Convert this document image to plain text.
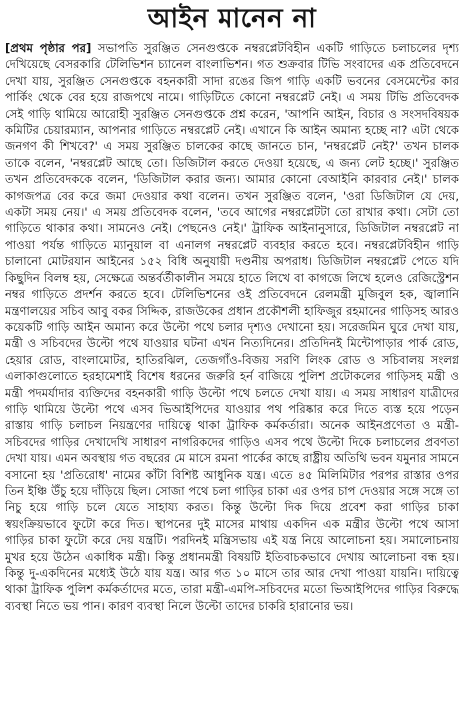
আইন মানেন না

[প্রথম পৃষ্ঠার পর] সভাপতি সুরঞ্জিত সেনগুপ্তকে নম্বরপ্লেটবিহীন একটি গাড়িতে চলাচলের দৃশ্য দেখিয়েছে বেসরকারি টেলিভিশন চ্যানেল বাংলাভিশন। গত শুক্রবার টিভি সংবাদের এক প্রতিবেদনে দেখা যায়, সুরঞ্জিত সেনগুপ্তকে বহনকারী সাদা রঙের জিপ গাড়ি একটি ভবনের বেসমেন্টের কার পার্কিং থেকে বের হয়ে রাজপথে নামে। গাড়িটিতে কোনো নম্বরপ্লেট নেই। এ সময় টিভি প্রতিবেদক সেই গাড়ি থামিয়ে আরোহী সুরঞ্জিত সেনগুপ্তকে প্রশ্ন করেন, 'আপনি আইন, বিচার ও সংসদবিষয়ক কমিটির চেয়ারম্যান, আপনার গাড়িতে নম্বরপ্লেট নেই। এখানে কি আইন অমান্য হচ্ছে না? এটা থেকে জনগণ কী শিখবে?' এ সময় সুরঞ্জিত চালকের কাছে জানতে চান, 'নম্বরপ্লেট নেই?' তখন চালক তাকে বলেন, 'নম্বরপ্লেট আছে তো। ডিজিটাল করতে দেওয়া হয়েছে, এ জন্য লেট হচ্ছে।' সুরঞ্জিত তখন প্রতিবেদককে বলেন, 'ডিজিটাল করার জন্য। আমার কোনো বেআইনি কারবার নেই।' চালক কাগজপত্র বের করে জমা দেওয়ার কথা বলেন। তখন সুরঞ্জিত বলেন, 'ওরা ডিজিটাল যে দেয়, একটা সময় নেয়।' এ সময় প্রতিবেদক বলেন, 'তবে আগের নম্বরপ্লেটটা তো রাখার কথা। সেটা তো গাড়িতে থাকার কথা। সামনেও নেই। পেছনেও নেই।' ট্রাফিক আইনানুসারে, ডিজিটাল নম্বরপ্লেট না পাওয়া পর্যন্ত গাড়িতে ম্যানুয়াল বা এনালগ নম্বরপ্লেট ব্যবহার করতে হবে। নম্বরপ্লেটবিহীন গাড়ি চালানো মোটরযান আইনের ১৫২ বিধি অনুযায়ী দণ্ডনীয় অপরাধ। ডিজিটাল নম্বরপ্লেট পেতে যদি কিছুদিন বিলম্ব হয়, সেক্ষেত্রে অন্তর্বর্তীকালীন সময়ে হাতে লিখে বা কাগজে লিখে হলেও রেজিস্ট্রেশন নম্বর গাড়িতে প্রদর্শন করতে হবে। টেলিভিশনের ওই প্রতিবেদনে রেলমন্ত্রী মুজিবুল হক, জ্বালানি মন্ত্রণালয়ের সচিব আবু বকর সিদ্দিক, রাজউকের প্রধান প্রকৌশলী হাফিজুর রহমানের গাড়িসহ আরও কয়েকটি গাড়ি আইন অমান্য করে উল্টো পথে চলার দৃশ্যও দেখানো হয়। সরেজমিন ঘুরে দেখা যায়, মন্ত্রী ও সচিবদের উল্টো পথে যাওয়ার ঘটনা এখন নিত্যদিনের। প্রতিদিনই মিন্টোপাড়ার পার্ক রোড, হেয়ার রোড, বাংলামোটর, হাতিরঝিল, তেজগাঁও-বিজয় সরণি লিংক রোড ও সচিবালয় সংলগ্ন এলাকাগুলোতে হরহামেশাই বিশেষ ধরনের জরুরি হর্ন বাজিয়ে পুলিশ প্রটোকলের গাড়িসহ মন্ত্রী ও মন্ত্রী পদমর্যাদার ব্যক্তিদের বহনকারী গাড়ি উল্টো পথে চলতে দেখা যায়। এ সময় সাধারণ যাত্রীদের গাড়ি থামিয়ে উল্টো পথে এসব ভিআইপিদের যাওয়ার পথ পরিষ্কার করে দিতে ব্যস্ত হয়ে পড়েন রাস্তায় গাড়ি চলাচল নিয়ন্ত্রণের দায়িত্বে থাকা ট্রাফিক কর্মকর্তারা। অনেক আইনপ্রণেতা ও মন্ত্রী-সচিবদের গাড়ির দেখাদেখি সাধারণ নাগরিকদের গাড়িও এসব পথে উল্টো দিকে চলাচলের প্রবণতা দেখা যায়। এমন অবস্থায় গত বছরের মে মাসে রমনা পার্কের কাছে রাষ্ট্রীয় অতিথি ভবন যমুনার সামনে বসানো হয় 'প্রতিরোধ' নামের কাঁটা বিশিষ্ট আধুনিক যন্ত্র। এতে ৪৫ মিলিমিটার পরপর রাস্তার ওপর তিন ইঞ্চি উঁচু হয়ে দাঁড়িয়ে ছিল। সোজা পথে চলা গাড়ির চাকা এর ওপর চাপ দেওয়ার সঙ্গে সঙ্গে তা নিচু হয়ে গাড়ি চলে যেতে সাহায্য করত। কিন্তু উল্টো দিক দিয়ে প্রবেশ করা গাড়ির চাকা স্বয়ংক্রিয়ভাবে ফুটো করে দিত। স্থাপনের দুই মাসের মাথায় একদিন এক মন্ত্রীর উল্টো পথে আসা গাড়ির চাকা ফুটো করে দেয় যন্ত্রটি। পরদিনই মন্ত্রিসভায় এই যন্ত্র নিয়ে আলোচনা হয়। সমালোচনায় মুখর হয়ে উঠেন একাধিক মন্ত্রী। কিন্তু প্রধানমন্ত্রী বিষয়টি ইতিবাচকভাবে দেখায় আলোচনা বন্ধ হয়। কিন্তু দু-একদিনের মধ্যেই উঠে যায় যন্ত্র। আর গত ১০ মাসে তার আর দেখা পাওয়া যায়নি। দায়িত্বে থাকা ট্রাফিক পুলিশ কর্মকর্তাদের মতে, তারা মন্ত্রী-এমপি-সচিবদের মতো ভিআইপিদের গাড়ির বিরুদ্ধে ব্যবস্থা নিতে ভয় পান। কারণ ব্যবস্থা নিলে উল্টো তাদের চাকরি হারানোর ভয়।
